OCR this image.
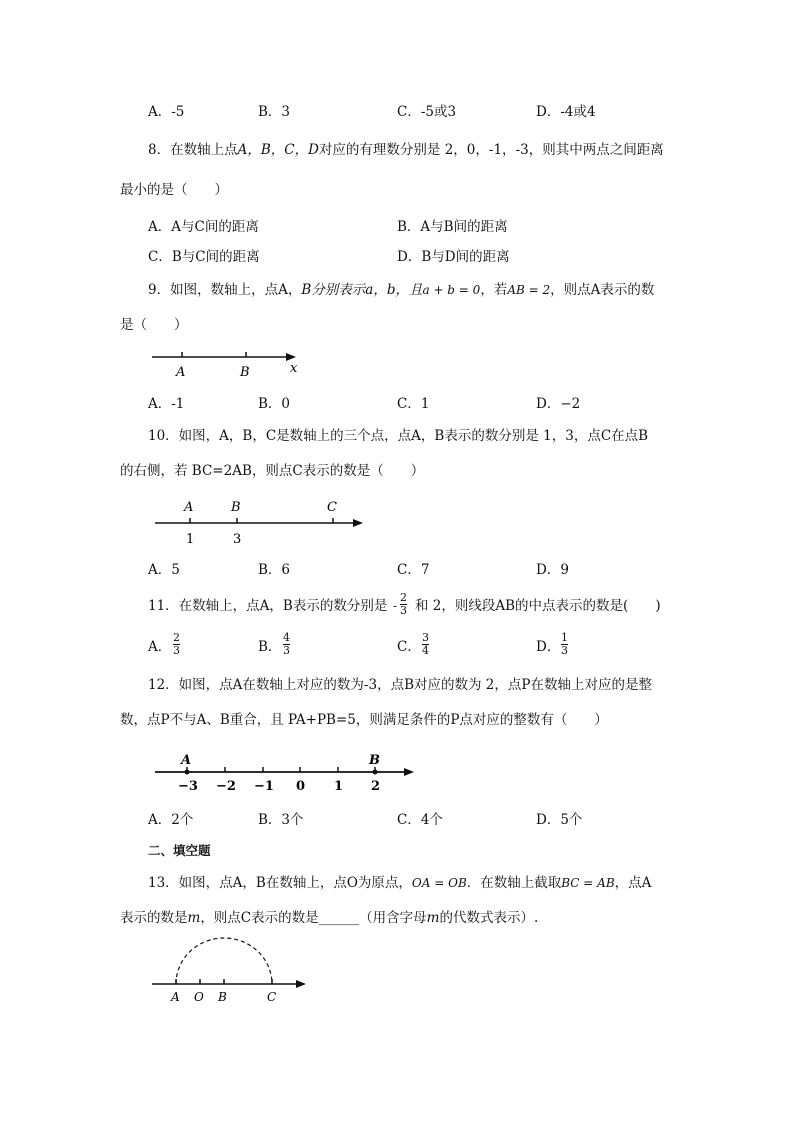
A．-5	B．3	C．-5或3	D．-4或4
8．在数轴上点A，B，C，D对应的有理数分别是 2，0，-1，-3，则其中两点之间距离
最小的是（　　）
A．A与C间的距离	B．A与B间的距离
C．B与C间的距离	D．B与D间的距离
9．如图，数轴上，点A，B分别表示a，b，且a + b = 0，若AB = 2，则点A表示的数
是（　　）
A	B	x
A．-1	B．0	C．1	D．−2
10．如图，A，B，C是数轴上的三个点，点A，B表示的数分别是 1，3，点C在点B
的右侧，若 BC=2AB，则点C表示的数是（　　）
A	B	C
1	3
A．5	B．6	C．7	D．9
11．在数轴上，点A，B表示的数分别是 -
2
3 和 2，则线段AB的中点表示的数是(　　)
A．
2
3	B．
4
3	C．
3
4	D．
1
3
12．如图，点A在数轴上对应的数为-3，点B对应的数为 2，点P在数轴上对应的是整
数，点P不与A、B重合，且 PA+PB=5，则满足条件的P点对应的整数有（　　）
A	B
−3 −2 −1 0 1 2
A．2个	B．3个	C．4个	D．5个
二、填空题
13．如图，点A，B在数轴上，点O为原点，OA = OB．在数轴上截取BC = AB，点A
表示的数是m，则点C表示的数是______（用含字母m的代数式表示）.
A O B	C
